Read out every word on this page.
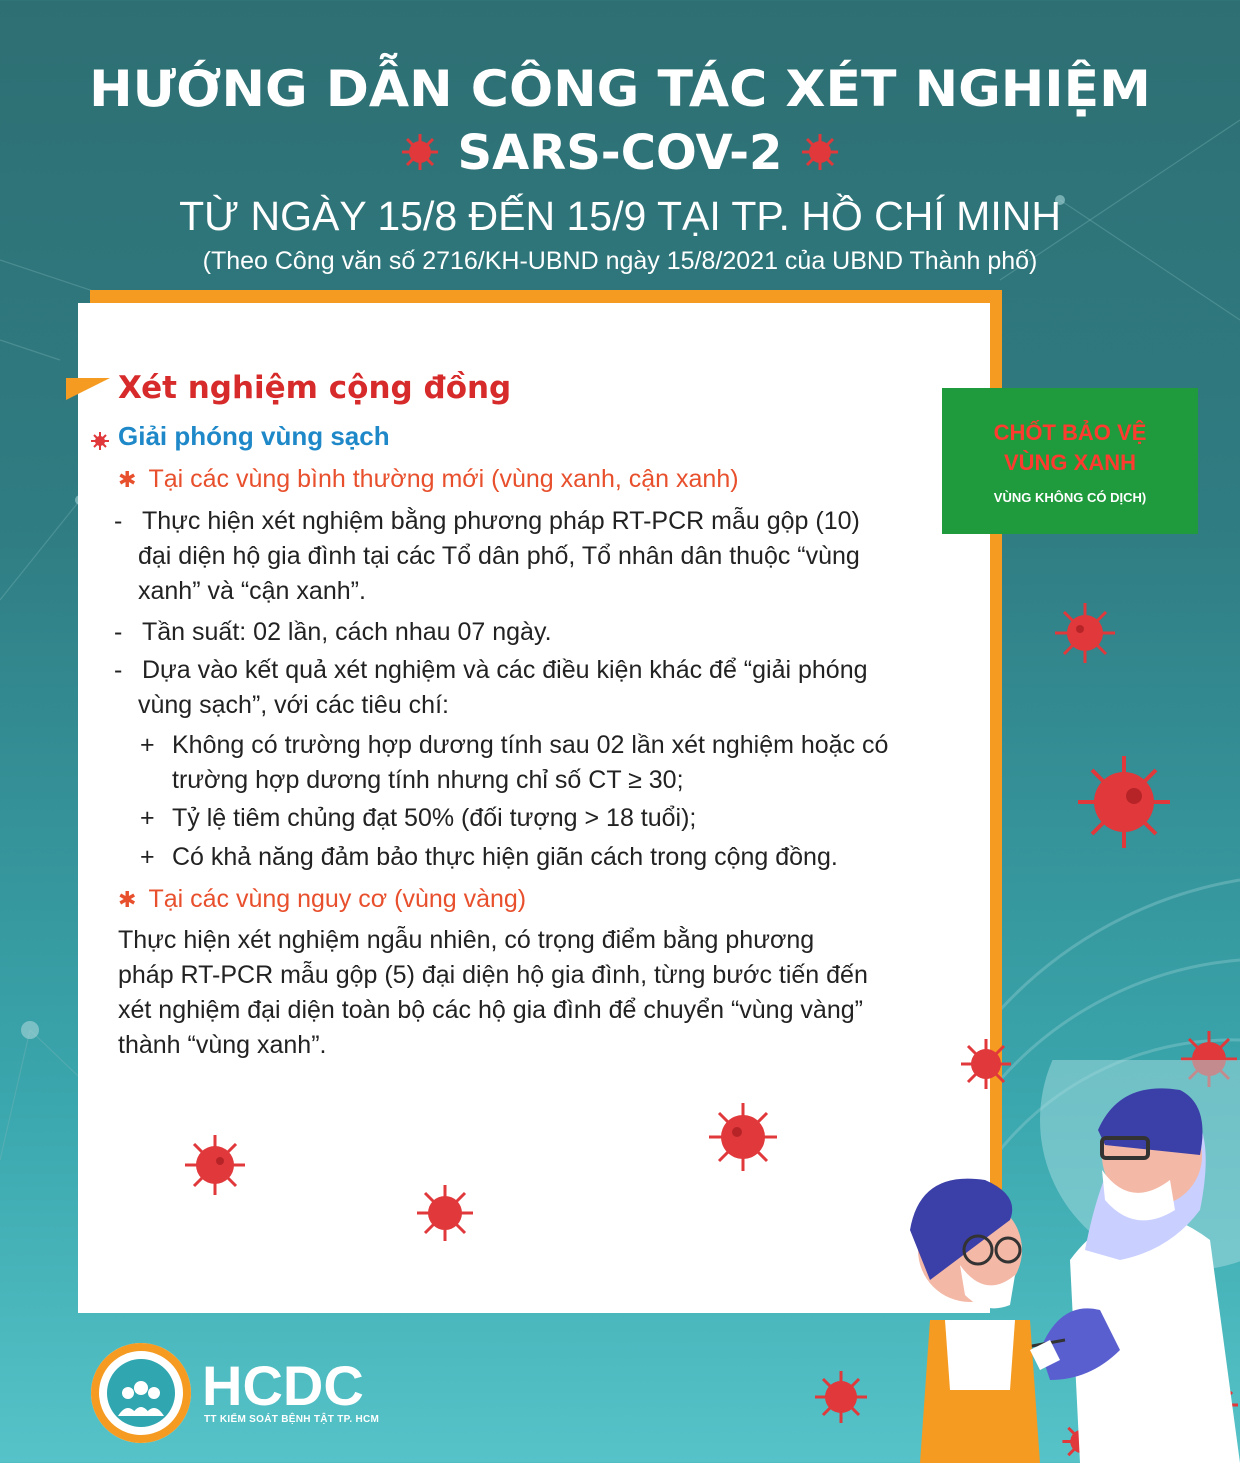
HƯỚNG DẪN CÔNG TÁC XÉT NGHIỆM
SARS-COV-2
TỪ NGÀY 15/8 ĐẾN 15/9 TẠI TP. HỒ CHÍ MINH
(Theo Công văn số 2716/KH-UBND ngày 15/8/2021 của UBND Thành phố)
Xét nghiệm cộng đồng
Giải phóng vùng sạch
✱ Tại các vùng bình thường mới (vùng xanh, cận xanh)
- Thực hiện xét nghiệm bằng phương pháp RT-PCR mẫu gộp (10)
đại diện hộ gia đình tại các Tổ dân phố, Tổ nhân dân thuộc “vùng
xanh” và “cận xanh”.
- Tần suất: 02 lần, cách nhau 07 ngày.
- Dựa vào kết quả xét nghiệm và các điều kiện khác để “giải phóng
vùng sạch”, với các tiêu chí:
+ Không có trường hợp dương tính sau 02 lần xét nghiệm hoặc có
trường hợp dương tính nhưng chỉ số CT ≥ 30;
+ Tỷ lệ tiêm chủng đạt 50% (đối tượng > 18 tuổi);
+ Có khả năng đảm bảo thực hiện giãn cách trong cộng đồng.
✱ Tại các vùng nguy cơ (vùng vàng)
Thực hiện xét nghiệm ngẫu nhiên, có trọng điểm bằng phương
pháp RT-PCR mẫu gộp (5) đại diện hộ gia đình, từng bước tiến đến
xét nghiệm đại diện toàn bộ các hộ gia đình để chuyển “vùng vàng”
thành “vùng xanh”.
CHỐT BẢO VỆ
VÙNG XANH
VÙNG KHÔNG CÓ DỊCH)
HCDC
TT KIỂM SOÁT BỆNH TẬT TP. HCM
